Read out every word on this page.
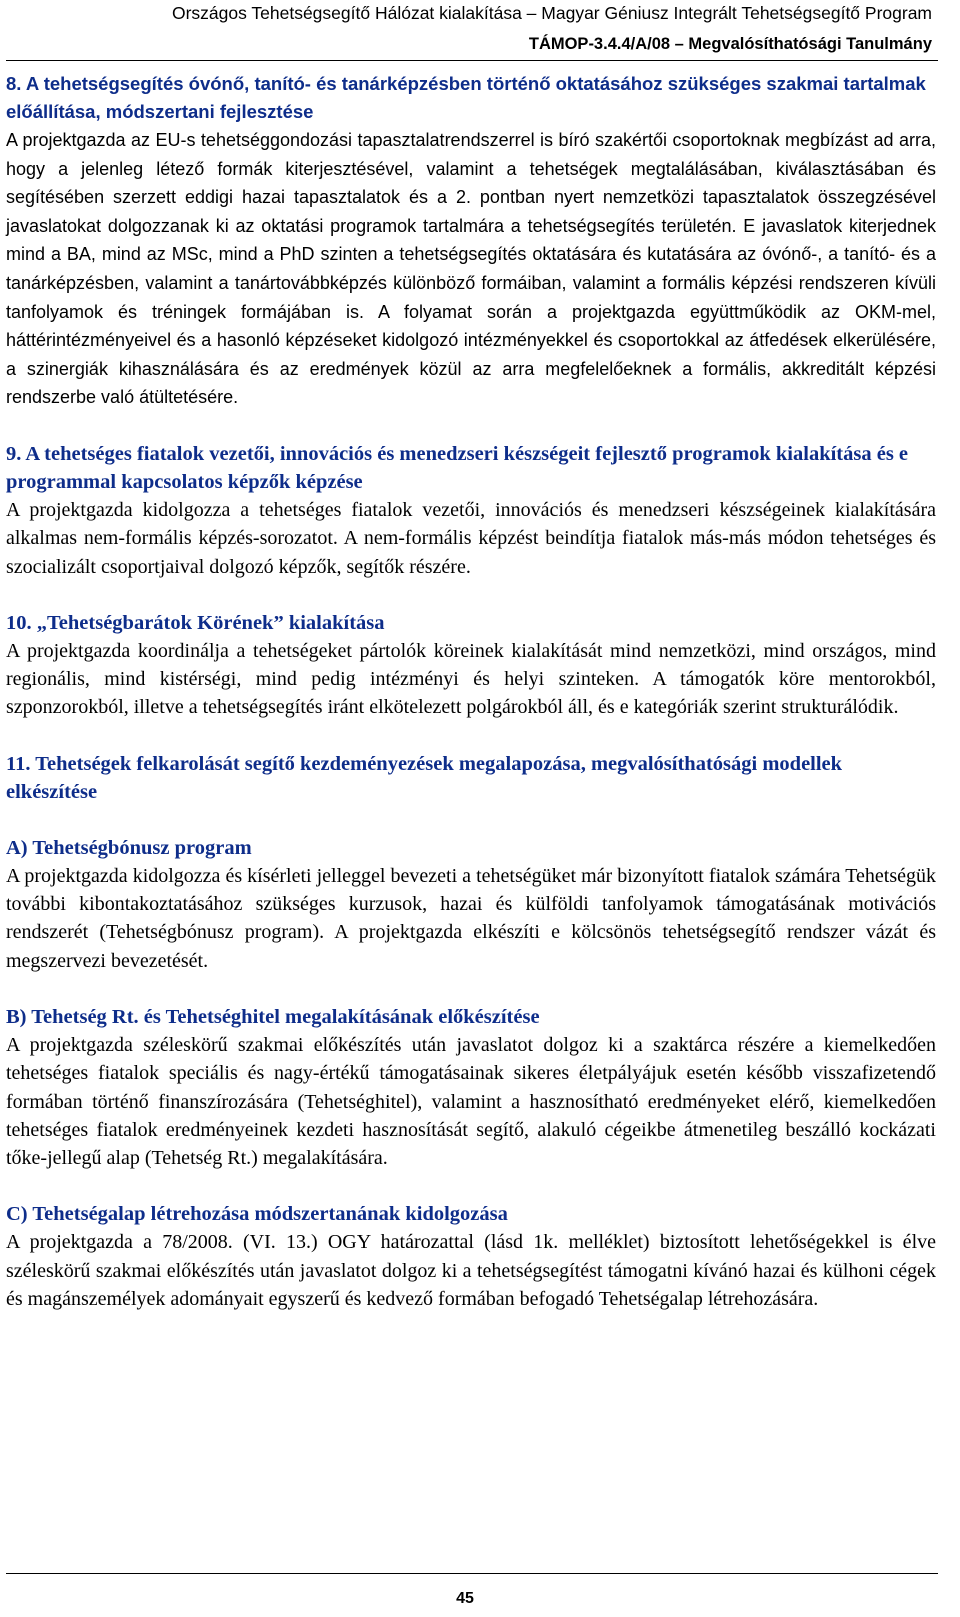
Országos Tehetségsegítő Hálózat kialakítása – Magyar Géniusz Integrált Tehetségsegítő Program
TÁMOP-3.4.4/A/08 – Megvalósíthatósági Tanulmány
8. A tehetségsegítés óvónő, tanító- és tanárképzésben történő oktatásához szükséges szakmai tartalmak előállítása, módszertani fejlesztése

A projektgazda az EU-s tehetséggondozási tapasztalatrendszerrel is bíró szakértői csoportoknak megbízást ad arra, hogy a jelenleg létező formák kiterjesztésével, valamint a tehetségek megtalálásában, kiválasztásában és segítésében szerzett eddigi hazai tapasztalatok és a 2. pontban nyert nemzetközi tapasztalatok összegzésével javaslatokat dolgozzanak ki az oktatási programok tartalmára a tehetségsegítés területén. E javaslatok kiterjednek mind a BA, mind az MSc, mind a PhD szinten a tehetségsegítés oktatására és kutatására az óvónő-, a tanító- és a tanárképzésben, valamint a tanártovábbképzés különböző formáiban, valamint a formális képzési rendszeren kívüli tanfolyamok és tréningek formájában is. A folyamat során a projektgazda együttműködik az OKM-mel, háttérintézményeivel és a hasonló képzéseket kidolgozó intézményekkel és csoportokkal az átfedések elkerülésére, a szinergiák kihasználására és az eredmények közül az arra megfelelőeknek a formális, akkreditált képzési rendszerbe való átültetésére.

9. A tehetséges fiatalok vezetői, innovációs és menedzseri készségeit fejlesztő programok kialakítása és e programmal kapcsolatos képzők képzése

A projektgazda kidolgozza a tehetséges fiatalok vezetői, innovációs és menedzseri készségeinek kialakítására alkalmas nem-formális képzés-sorozatot. A nem-formális képzést beindítja fiatalok más-más módon tehetséges és szocializált csoportjaival dolgozó képzők, segítők részére.

10. „Tehetségbarátok Körének” kialakítása

A projektgazda koordinálja a tehetségeket pártolók köreinek kialakítását mind nemzetközi, mind országos, mind regionális, mind kistérségi, mind pedig intézményi és helyi szinteken. A támogatók köre mentorokból, szponzorokból, illetve a tehetségsegítés iránt elkötelezett polgárokból áll, és e kategóriák szerint strukturálódik.

11. Tehetségek felkarolását segítő kezdeményezések megalapozása, megvalósíthatósági modellek elkészítése
A) Tehetségbónusz program

A projektgazda kidolgozza és kísérleti jelleggel bevezeti a tehetségüket már bizonyított fiatalok számára Tehetségük további kibontakoztatásához szükséges kurzusok, hazai és külföldi tanfolyamok támogatásának motivációs rendszerét (Tehetségbónusz program). A projektgazda elkészíti e kölcsönös tehetségsegítő rendszer vázát és megszervezi bevezetését.

B) Tehetség Rt. és Tehetséghitel megalakításának előkészítése

A projektgazda széleskörű szakmai előkészítés után javaslatot dolgoz ki a szaktárca részére a kiemelkedően tehetséges fiatalok speciális és nagy-értékű támogatásainak sikeres életpályájuk esetén később visszafizetendő formában történő finanszírozására (Tehetséghitel), valamint a hasznosítható eredményeket elérő, kiemelkedően tehetséges fiatalok eredményeinek kezdeti hasznosítását segítő, alakuló cégeikbe átmenetileg beszálló kockázati tőke-jellegű alap (Tehetség Rt.) megalakítására.

C) Tehetségalap létrehozása módszertanának kidolgozása

A projektgazda a 78/2008. (VI. 13.) OGY határozattal (lásd 1k. melléklet) biztosított lehetőségekkel is élve széleskörű szakmai előkészítés után javaslatot dolgoz ki a tehetségsegítést támogatni kívánó hazai és külhoni cégek és magánszemélyek adományait egyszerű és kedvező formában befogadó Tehetségalap létrehozására.

45
